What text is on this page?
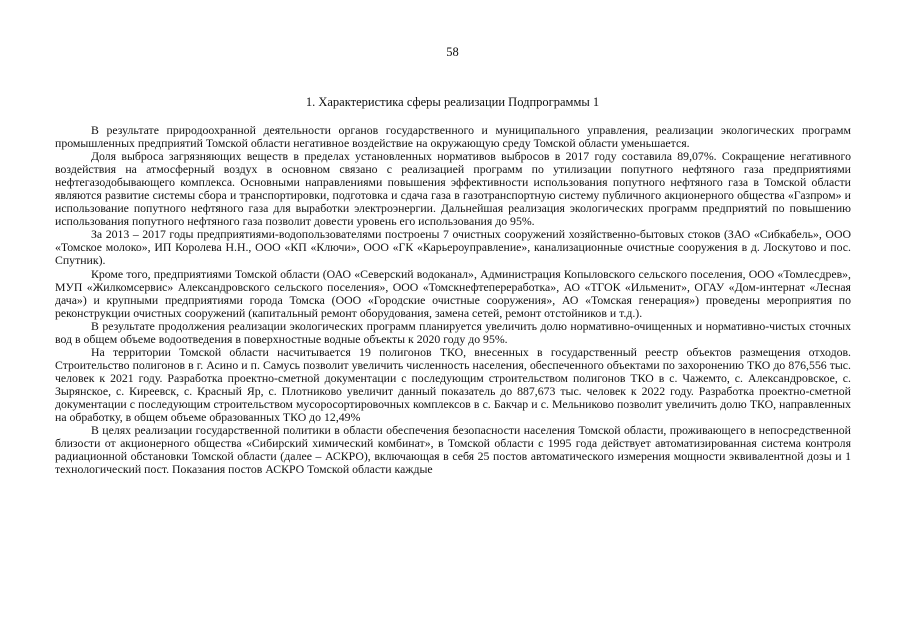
58
1. Характеристика сферы реализации Подпрограммы 1

В результате природоохранной деятельности органов государственного и муниципального управления, реализации экологических программ промышленных предприятий Томской области негативное воздействие на окружающую среду Томской области уменьшается.

Доля выброса загрязняющих веществ в пределах установленных нормативов выбросов в 2017 году составила 89,07%. Сокращение негативного воздействия на атмосферный воздух в основном связано с реализацией программ по утилизации попутного нефтяного газа предприятиями нефтегазодобывающего комплекса. Основными направлениями повышения эффективности использования попутного нефтяного газа в Томской области являются развитие системы сбора и транспортировки, подготовка и сдача газа в газотранспортную систему публичного акционерного общества «Газпром» и использование попутного нефтяного газа для выработки электроэнергии. Дальнейшая реализация экологических программ предприятий по повышению использования попутного нефтяного газа позволит довести уровень его использования до 95%.

За 2013 – 2017 годы предприятиями-водопользователями построены 7 очистных сооружений хозяйственно-бытовых стоков (ЗАО «Сибкабель», ООО «Томское молоко», ИП Королева Н.Н., ООО «КП «Ключи», ООО «ГК «Карьероуправление», канализационные очистные сооружения в д. Лоскутово и пос. Спутник).

Кроме того, предприятиями Томской области (ОАО «Северский водоканал», Администрация Копыловского сельского поселения, ООО «Томлесдрев», МУП «Жилкомсервис» Александровского сельского поселения», ООО «Томскнефтепереработка», АО «ТГОК «Ильменит», ОГАУ «Дом-интернат «Лесная дача») и крупными предприятиями города Томска (ООО «Городские очистные сооружения», АО «Томская генерация») проведены мероприятия по реконструкции очистных сооружений (капитальный ремонт оборудования, замена сетей, ремонт отстойников и т.д.).

В результате продолжения реализации экологических программ планируется увеличить долю нормативно-очищенных и нормативно-чистых сточных вод в общем объеме водоотведения в поверхностные водные объекты к 2020 году до 95%.

На территории Томской области насчитывается 19 полигонов ТКО, внесенных в государственный реестр объектов размещения отходов. Строительство полигонов в г. Асино и п. Самусь позволит увеличить численность населения, обеспеченного объектами по захоронению ТКО до 876,556 тыс. человек к 2021 году. Разработка проектно-сметной документации с последующим строительством полигонов ТКО в с. Чажемто, с. Александровское, с. Зырянское, с. Киреевск, с. Красный Яр, с. Плотниково увеличит данный показатель до 887,673 тыс. человек к 2022 году. Разработка проектно-сметной документации с последующим строительством мусоросортировочных комплексов в с. Бакчар и с. Мельниково позволит увеличить долю ТКО, направленных на обработку, в общем объеме образованных ТКО до 12,49%

В целях реализации государственной политики в области обеспечения безопасности населения Томской области, проживающего в непосредственной близости от акционерного общества «Сибирский химический комбинат», в Томской области с 1995 года действует автоматизированная система контроля радиационной обстановки Томской области (далее – АСКРО), включающая в себя 25 постов автоматического измерения мощности эквивалентной дозы и 1 технологический пост. Показания постов АСКРО Томской области каждые
